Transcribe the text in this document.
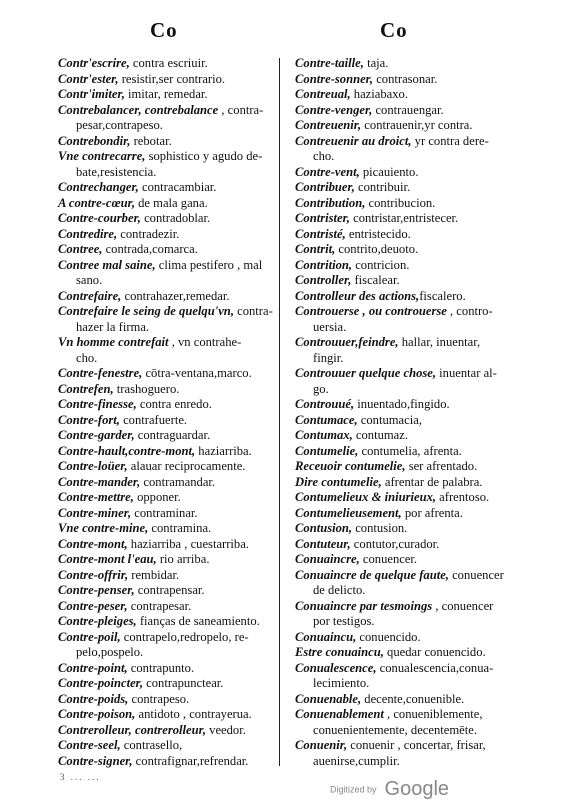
Co	Co
Contr'escrire, contra escriuir.
Contr'ester, resistir,ser contrario.
Contr'imiter, imitar, remedar.
Contrebalancer, contrebalance , contra-
pesar,contrapeso.
Contrebondir, rebotar.
Vne contrecarre, sophistico y agudo de-
bate,resistencia.
Contrechanger, contracambiar.
A contre-cœur, de mala gana.
Contre-courber, contradoblar.
Contredire, contradezir.
Contree, contrada,comarca.
Contree mal saine, clima pestifero , mal
sano.
Contrefaire, contrahazer,remedar.
Contrefaire le seing de quelqu'vn, contra-
hazer la firma.
Vn homme contrefait , vn contrahe-
cho.
Contre-fenestre, cōtra-ventana,marco.
Contrefen, trashoguero.
Contre-finesse, contra enredo.
Contre-fort, contrafuerte.
Contre-garder, contraguardar.
Contre-hault,contre-mont, haziarriba.
Contre-loüer, alauar reciprocamente.
Contre-mander, contramandar.
Contre-mettre, opponer.
Contre-miner, contraminar.
Vne contre-mine, contramina.
Contre-mont, haziarriba , cuestarriba.
Contre-mont l'eau, rio arriba.
Contre-offrir, rembidar.
Contre-penser, contrapensar.
Contre-peser, contrapesar.
Contre-pleiges, fianças de saneamiento.
Contre-poil, contrapelo,redropelo, re-
pelo,pospelo.
Contre-point, contrapunto.
Contre-poincter, contrapunctear.
Contre-poids, contrapeso.
Contre-poison, antidoto , contrayerua.
Contrerolleur, contrerolleur, veedor.
Contre-seel, contrasello,
Contre-signer, contrafignar,refrendar.
Contre-taille, taja.
Contre-sonner, contrasonar.
Contreual, haziabaxo.
Contre-venger, contrauengar.
Contreuenir, contrauenir,yr contra.
Contreuenir au droict, yr contra dere-
cho.
Contre-vent, picauiento.
Contribuer, contribuir.
Contribution, contribucion.
Contrister, contristar,entristecer.
Contristé, entristecido.
Contrit, contrito,deuoto.
Contrition, contricion.
Controller, fiscalear.
Controlleur des actions,fiscalero.
Controuerse , ou controuerse , contro-
uersia.
Controuuer,feindre, hallar, inuentar,
fingir.
Controuuer quelque chose, inuentar al-
go.
Controuué, inuentado,fingido.
Contumace, contumacia,
Contumax, contumaz.
Contumelie, contumelia, afrenta.
Receuoir contumelie, ser afrentado.
Dire contumelie, afrentar de palabra.
Contumelieux & iniurieux, afrentoso.
Contumelieusement, por afrenta.
Contusion, contusion.
Contuteur, contutor,curador.
Conuaincre, conuencer.
Conuaincre de quelque faute, conuencer
de delicto.
Conuaincre par tesmoings , conuencer
por testigos.
Conuaincu, conuencido.
Estre conuaincu, quedar conuencido.
Conualescence, conualescencia,conua-
lecimiento.
Conuenable, decente,conuenible.
Conuenablement , conueniblemente,
conuenientemente, decentemēte.
Conuenir, conuenir , concertar, frisar,
auenirse,cumplir.
3 ... ...
Digitized by Google
